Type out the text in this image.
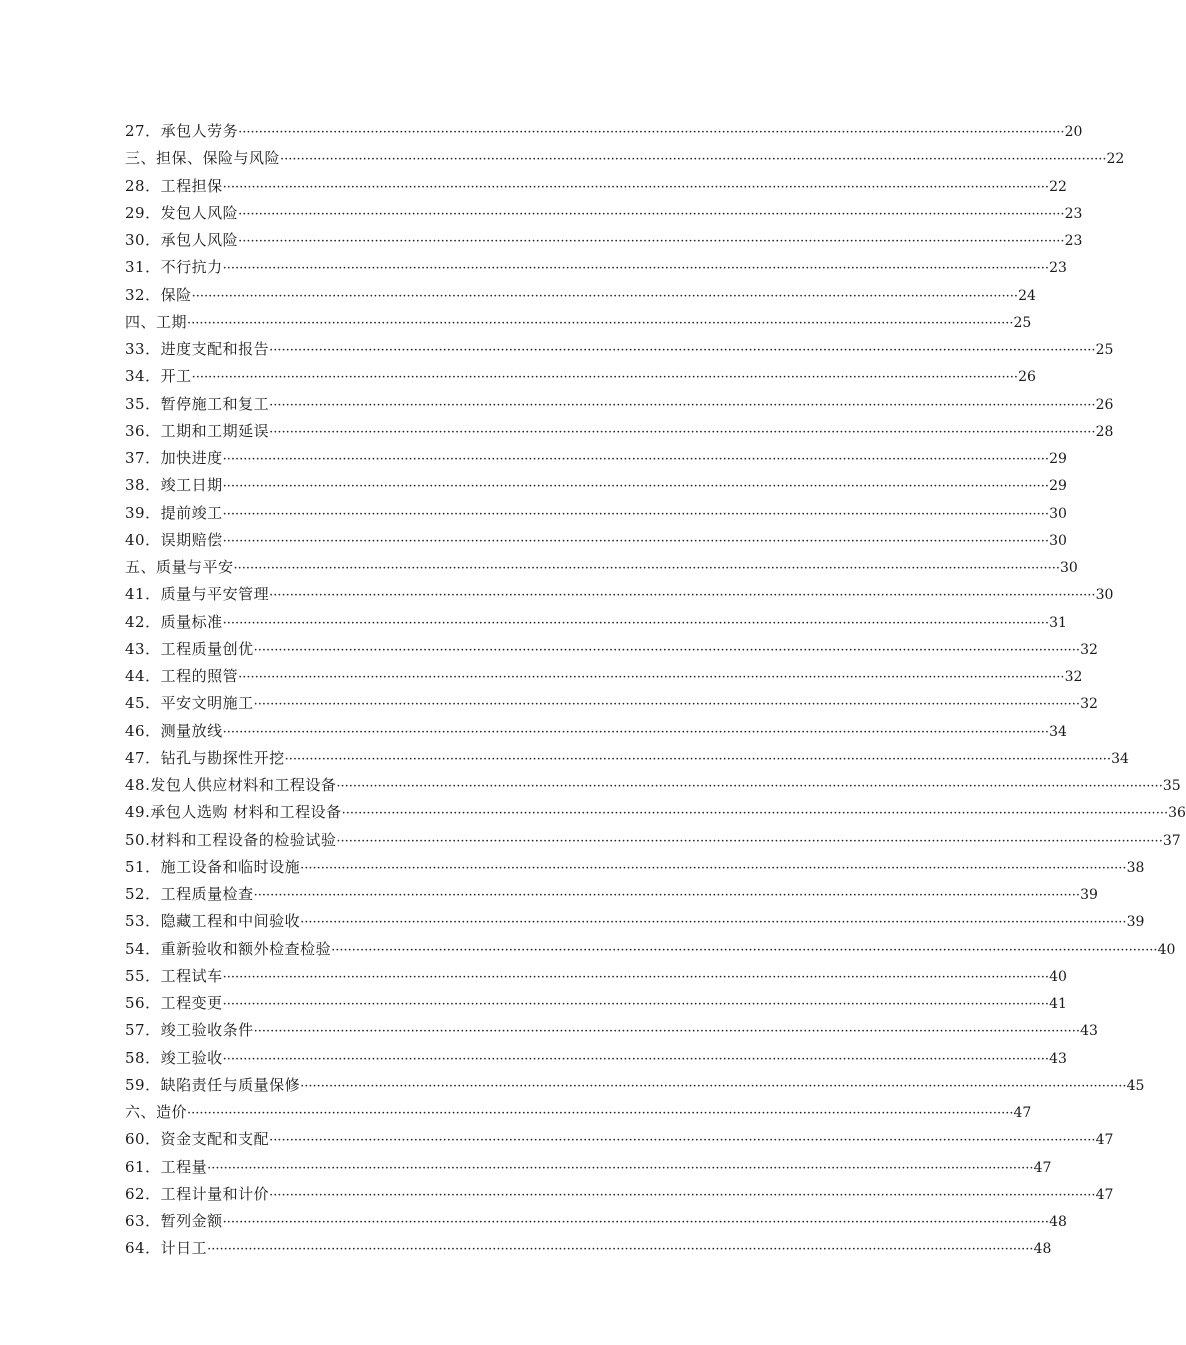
27．承包人劳务 ········································································································································································································ 20
三、担保、保险与风险 ········································································································································································································ 22
28．工程担保 ········································································································································································································ 22
29．发包人风险 ········································································································································································································ 23
30．承包人风险 ········································································································································································································ 23
31．不行抗力 ········································································································································································································ 23
32．保险 ········································································································································································································ 24
四、工期 ········································································································································································································ 25
33．进度支配和报告 ········································································································································································································ 25
34．开工 ········································································································································································································ 26
35．暂停施工和复工 ········································································································································································································ 26
36．工期和工期延误 ········································································································································································································ 28
37．加快进度 ········································································································································································································ 29
38．竣工日期 ········································································································································································································ 29
39．提前竣工 ········································································································································································································ 30
40．误期赔偿 ········································································································································································································ 30
五、质量与平安 ········································································································································································································ 30
41．质量与平安管理 ········································································································································································································ 30
42．质量标准 ········································································································································································································ 31
43．工程质量创优 ········································································································································································································ 32
44．工程的照管 ········································································································································································································ 32
45．平安文明施工 ········································································································································································································ 32
46．测量放线 ········································································································································································································ 34
47．钻孔与勘探性开挖 ········································································································································································································ 34
48.发包人供应材料和工程设备 ········································································································································································································ 35
49.承包人选购 材料和工程设备 ········································································································································································································ 36
50.材料和工程设备的检验试验 ········································································································································································································ 37
51．施工设备和临时设施 ········································································································································································································ 38
52．工程质量检查 ········································································································································································································ 39
53．隐藏工程和中间验收 ········································································································································································································ 39
54．重新验收和额外检查检验 ········································································································································································································ 40
55．工程试车 ········································································································································································································ 40
56．工程变更 ········································································································································································································ 41
57．竣工验收条件 ········································································································································································································ 43
58．竣工验收 ········································································································································································································ 43
59．缺陷责任与质量保修 ········································································································································································································ 45
六、造价 ········································································································································································································ 47
60．资金支配和支配 ········································································································································································································ 47
61．工程量 ········································································································································································································ 47
62．工程计量和计价 ········································································································································································································ 47
63．暂列金额 ········································································································································································································ 48
64．计日工 ········································································································································································································ 48
